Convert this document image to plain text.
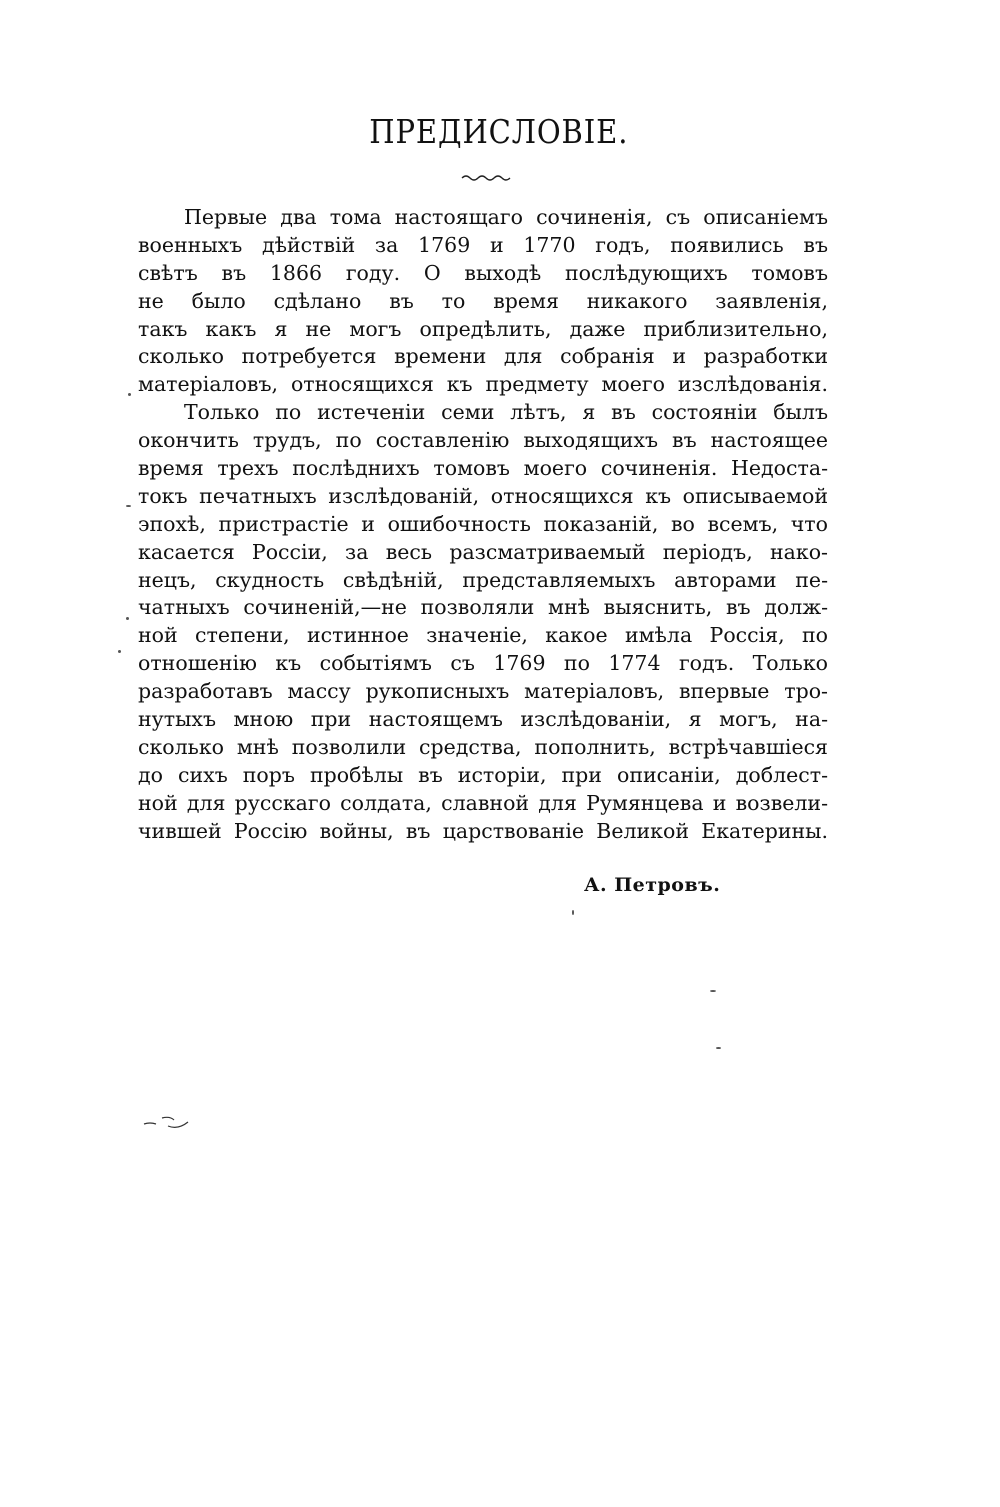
ПРЕДИСЛОВІЕ.
Первые два тома настоящаго сочиненія, съ описаніемъ
военныхъ дѣйствій за 1769 и 1770 годъ, появились въ
свѣтъ въ 1866 году. О выходѣ послѣдующихъ томовъ
не было сдѣлано въ то время никакого заявленія,
такъ какъ я не могъ опредѣлить, даже приблизительно,
сколько потребуется времени для собранія и разработки
матеріаловъ, относящихся къ предмету моего изслѣдованія.
Только по истеченіи семи лѣтъ, я въ состояніи былъ
окончить трудъ, по составленію выходящихъ въ настоящее
время трехъ послѣднихъ томовъ моего сочиненія. Недоста-
токъ печатныхъ изслѣдованій, относящихся къ описываемой
эпохѣ, пристрастіе и ошибочность показаній, во всемъ, что
касается Россіи, за весь разсматриваемый періодъ, нако-
нецъ, скудность свѣдѣній, представляемыхъ авторами пе-
чатныхъ сочиненій,—не позволяли мнѣ выяснить, въ долж-
ной степени, истинное значеніе, какое имѣла Россія, по
отношенію къ событіямъ съ 1769 по 1774 годъ. Только
разработавъ массу рукописныхъ матеріаловъ, впервые тро-
нутыхъ мною при настоящемъ изслѣдованіи, я могъ, на-
сколько мнѣ позволили средства, пополнить, встрѣчавшіеся
до сихъ поръ пробѣлы въ исторіи, при описаніи, доблест-
ной для русскаго солдата, славной для Румянцева и возвели-
чившей Россію войны, въ царствованіе Великой Екатерины.
А. Петровъ.
